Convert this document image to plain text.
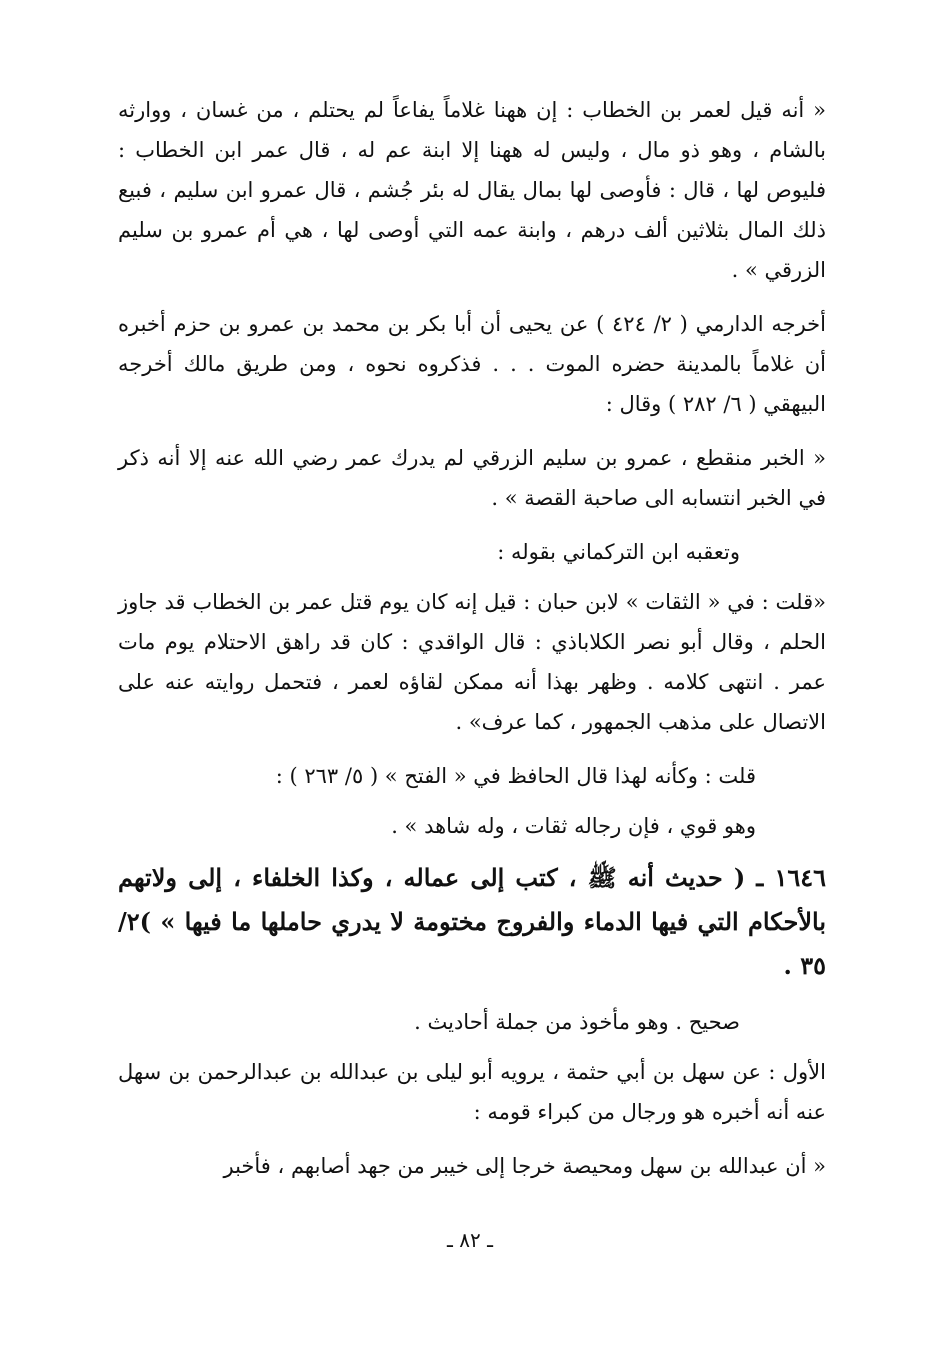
« أنه قيل لعمر بن الخطاب : إن ههنا غلاماً يفاعاً لم يحتلم ، من غسان ، ووارثه بالشام ، وهو ذو مال ، وليس له ههنا إلا ابنة عم له ، قال عمر ابن الخطاب : فليوص لها ، قال : فأوصى لها بمال يقال له بئر جُشم ، قال عمرو ابن سليم ، فبيع ذلك المال بثلاثين ألف درهم ، وابنة عمه التي أوصى لها ، هي أم عمرو بن سليم الزرقي » .

أخرجه الدارمي ( ٢/ ٤٢٤ ) عن يحيى أن أبا بكر بن محمد بن عمرو بن حزم أخبره أن غلاماً بالمدينة حضره الموت . . . فذكروه نحوه ، ومن طريق مالك أخرجه البيهقي ( ٦/ ٢٨٢ ) وقال :

« الخبر منقطع ، عمرو بن سليم الزرقي لم يدرك عمر رضي الله عنه إلا أنه ذكر في الخبر انتسابه الى صاحبة القصة » .

وتعقبه ابن التركماني بقوله :

«قلت : في « الثقات » لابن حبان : قيل إنه كان يوم قتل عمر بن الخطاب قد جاوز الحلم ، وقال أبو نصر الكلاباذي : قال الواقدي : كان قد راهق الاحتلام يوم مات عمر . انتهى كلامه . وظهر بهذا أنه ممكن لقاؤه لعمر ، فتحمل روايته عنه على الاتصال على مذهب الجمهور ، كما عرف» .

قلت : وكأنه لهذا قال الحافظ في « الفتح » ( ٥/ ٢٦٣ ) :

وهو قوي ، فإن رجاله ثقات ، وله شاهد » .

١٦٤٦ ـ ( حديث أنه ﷺ ، كتب إلى عماله ، وكذا الخلفاء ، إلى ولاتهم بالأحكام التي فيها الدماء والفروج مختومة لا يدري حاملها ما فيها » )٢/ ٣٥ .

صحيح . وهو مأخوذ من جملة أحاديث .

الأول : عن سهل بن أبي حثمة ، يرويه أبو ليلى بن عبدالله بن عبدالرحمن بن سهل عنه أنه أخبره هو ورجال من كبراء قومه :

« أن عبدالله بن سهل ومحيصة خرجا إلى خيبر من جهد أصابهم ، فأخبر

ـ ٨٢ ـ
